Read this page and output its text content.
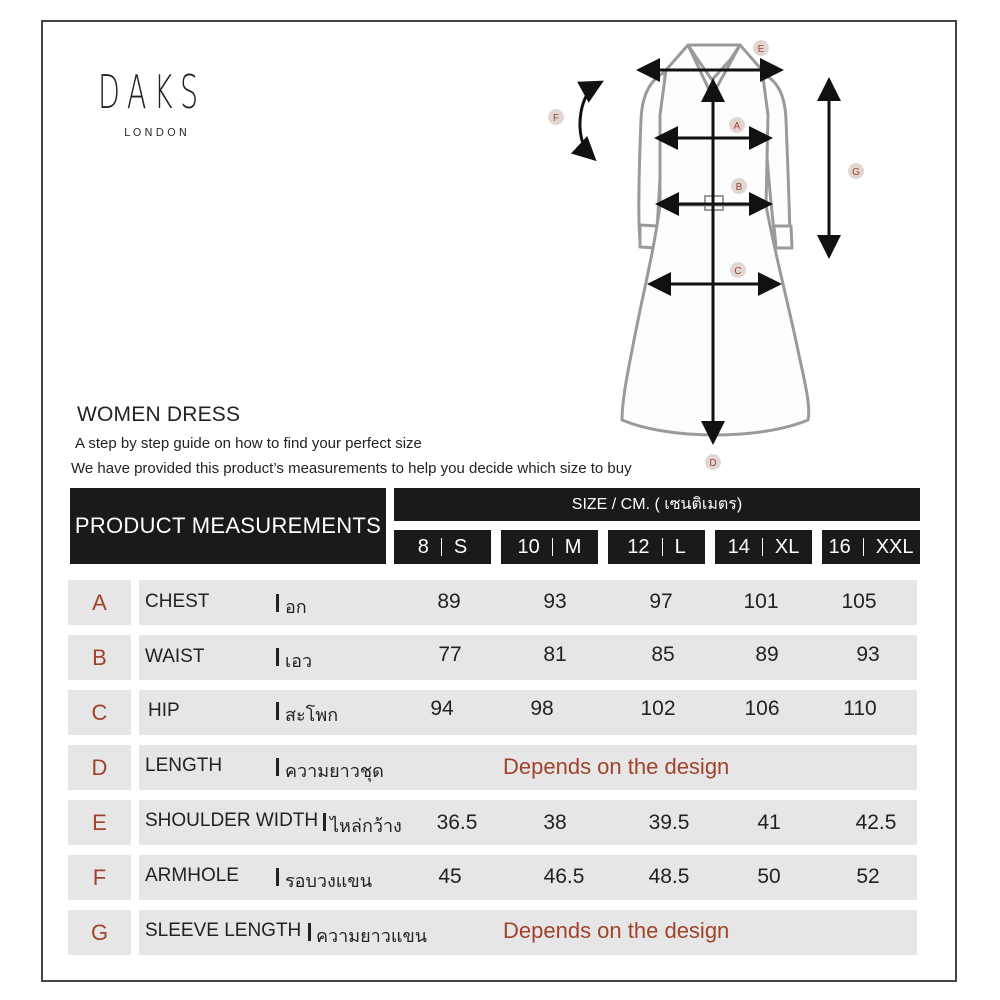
DAKS
LONDON	A
B
C
D
E
F
G
WOMEN DRESS
A step by step guide on how to find your perfect size
We have provided this product’s measurements to help you decide which size to buy
PRODUCT MEASUREMENTS
SIZE / CM. ( เซนติเมตร)
8 S	10 M 12 L 14 XL 16 XXL
A	CHEST	อก	89	93	97	101	105
B	WAIST	เอว	77	81	85	89	93
C	HIP	สะโพก	94	98	102	106	110
D	LENGTH	ความยาวชุด	Depends on the design
E	SHOULDER WIDTH ไหล่กว้าง	36.5	38	39.5	41	42.5
F	ARMHOLE	รอบวงแขน	45	46.5	48.5	50	52
G	SLEEVE LENGTH ความยาวแขน	Depends on the design
